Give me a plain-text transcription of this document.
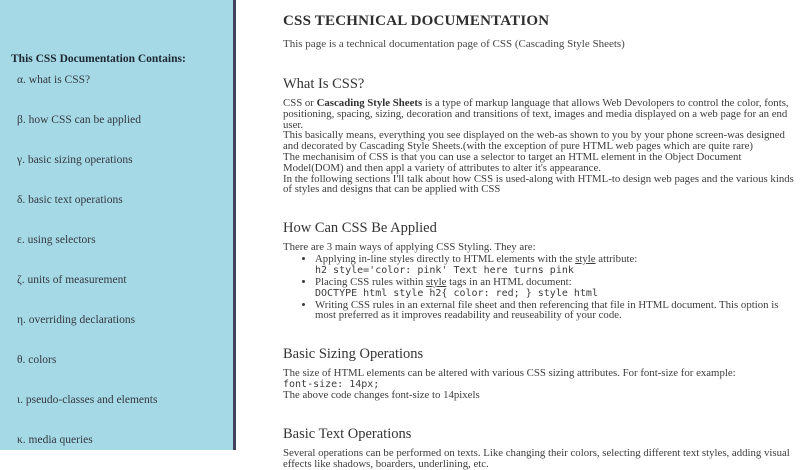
This CSS Documentation Contains:
α. what is CSS?
β. how CSS can be applied
γ. basic sizing operations
δ. basic text operations
ε. using selectors
ζ. units of measurement
η. overriding declarations
θ. colors
ι. pseudo-classes and elements
κ. media queries
CSS TECHNICAL DOCUMENTATION

This page is a technical documentation page of CSS (Cascading Style Sheets)

What Is CSS?

CSS or Cascading Style Sheets is a type of markup language that allows Web Devolopers to control the color, fonts, positioning, spacing, sizing, decoration and transitions of text, images and media displayed on a web page for an end user.
This basically means, everything you see displayed on the web-as shown to you by your phone screen-was designed and decorated by Cascading Style Sheets.(with the exception of pure HTML web pages which are quite rare)
The mechanisim of CSS is that you can use a selector to target an HTML element in the Object Document Model(DOM) and then appl a variety of attributes to alter it's appearance.
In the following sections I'll talk about how CSS is used-along with HTML-to design web pages and the various kinds of styles and designs that can be applied with CSS

How Can CSS Be Applied

There are 3 main ways of applying CSS Styling. They are:

• Applying in-line styles directly to HTML elements with the style attribute:
h2 style='color: pink' Text here turns pink
• Placing CSS rules within style tags in an HTML document:
DOCTYPE html style h2{ color: red; } style html
• Writing CSS rules in an external file sheet and then referencing that file in HTML document. This option is most preferred as it improves readability and reuseability of your code.
Basic Sizing Operations

The size of HTML elements can be altered with various CSS sizing attributes. For font-size for example:
font-size: 14px;
The above code changes font-size to 14pixels

Basic Text Operations

Several operations can be performed on texts. Like changing their colors, selecting different text styles, adding visual effects like shadows, boarders, underlining, etc.
